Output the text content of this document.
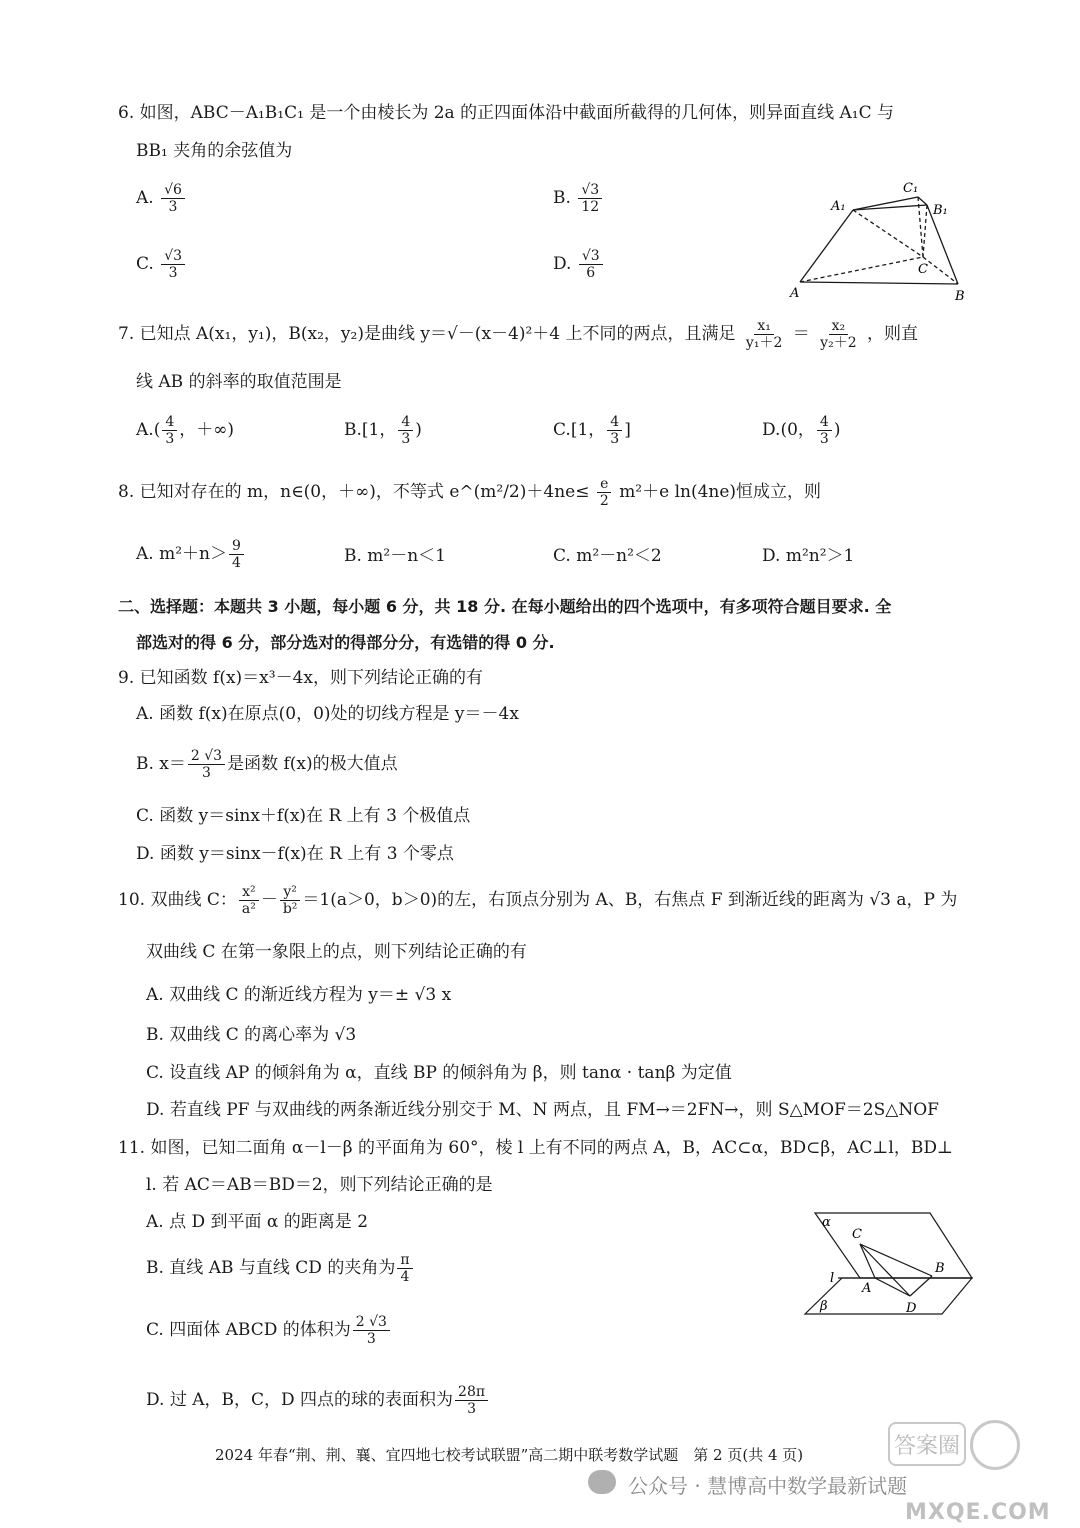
6. 如图，ABC－A₁B₁C₁ 是一个由棱长为 2a 的正四面体沿中截面所截得的几何体，则异面直线 A₁C 与
BB₁ 夹角的余弦值为
A. $\frac{√6}{3}$	B. $\frac{√3}{12}$
C. $\frac{√3}{3}$	D. $\frac{√3}{6}$
A₁
C₁
B₁
C
A	B
7. 已知点 A(x₁，y₁)，B(x₂，y₂)是曲线 y＝√－(x－4)²＋4 上不同的两点，且满足 $\frac{\text{x₁}}{\text{y₁＋2}} = \frac{\text{x₂}}{\text{y₂＋2}}$ ，则直
线 AB 的斜率的取值范围是
$A.( \frac{4}{3}$ ，＋∞)	B.[1， $\frac{4}{3}$ )	C.[1， $\frac{4}{3}$ ]	D.(0， $\frac{4}{3}$ )
8. 已知对存在的 m，n∈(0，＋∞)，不等式 e^(m²/2)＋4ne≤ $\frac{e}{2} m^2+e$ ln(4ne)恒成立，则
A. $m^2+n> \frac{9}{4}$	B. m²－n＜1	C. m²－n²＜2	D. m²n²＞1
二、选择题：本题共 3 小题，每小题 6 分，共 18 分. 在每小题给出的四个选项中，有多项符合题目要求. 全
部选对的得 6 分，部分选对的得部分分，有选错的得 0 分.
9. 已知函数 f(x)＝x³－4x，则下列结论正确的有
A. 函数 f(x)在原点(0，0)处的切线方程是 y＝－4x
B. $x= \frac{2 √3}{3}$ 是函数 f(x)的极大值点
C. 函数 y＝sinx＋f(x)在 R 上有 3 个极值点
D. 函数 y＝sinx－f(x)在 R 上有 3 个零点
10. 双曲线 C： $\frac{\text{x²}}{\text{a²}} - \frac{\text{y²}}{\text{b²}} =1(a>0$，b＞0)的左，右顶点分别为 A、B，右焦点 F 到渐近线的距离为 √3 a，P 为
双曲线 C 在第一象限上的点，则下列结论正确的有
A. 双曲线 C 的渐近线方程为 y＝± √3 x
B. 双曲线 C 的离心率为 √3
C. 设直线 AP 的倾斜角为 α，直线 BP 的倾斜角为 β，则 tanα · tanβ 为定值
D. 若直线 PF 与双曲线的两条渐近线分别交于 M、N 两点，且 FM→＝2FN→，则 S△MOF＝2S△NOF
11. 如图，已知二面角 α－l－β 的平面角为 60°，棱 l 上有不同的两点 A，B，AC⊂α，BD⊂β，AC⊥l，BD⊥
l. 若 AC＝AB＝BD＝2，则下列结论正确的是
A. 点 D 到平面 α 的距离是 2
B. 直线 AB 与直线 CD 的夹角为 $\frac{\pi}{4}$
C. 四面体 ABCD 的体积为 $\frac{2 √3}{3}$
D. 过 A，B，C，D 四点的球的表面积为 $\frac{28\pi}{3}$
α
l
β
C
A
B
D
2024 年春“荆、荆、襄、宜四地七校考试联盟”高二期中联考数学试题　第 2 页(共 4 页)	答案圈
公众号 · 慧博高中数学最新试题
MXQE.COM
